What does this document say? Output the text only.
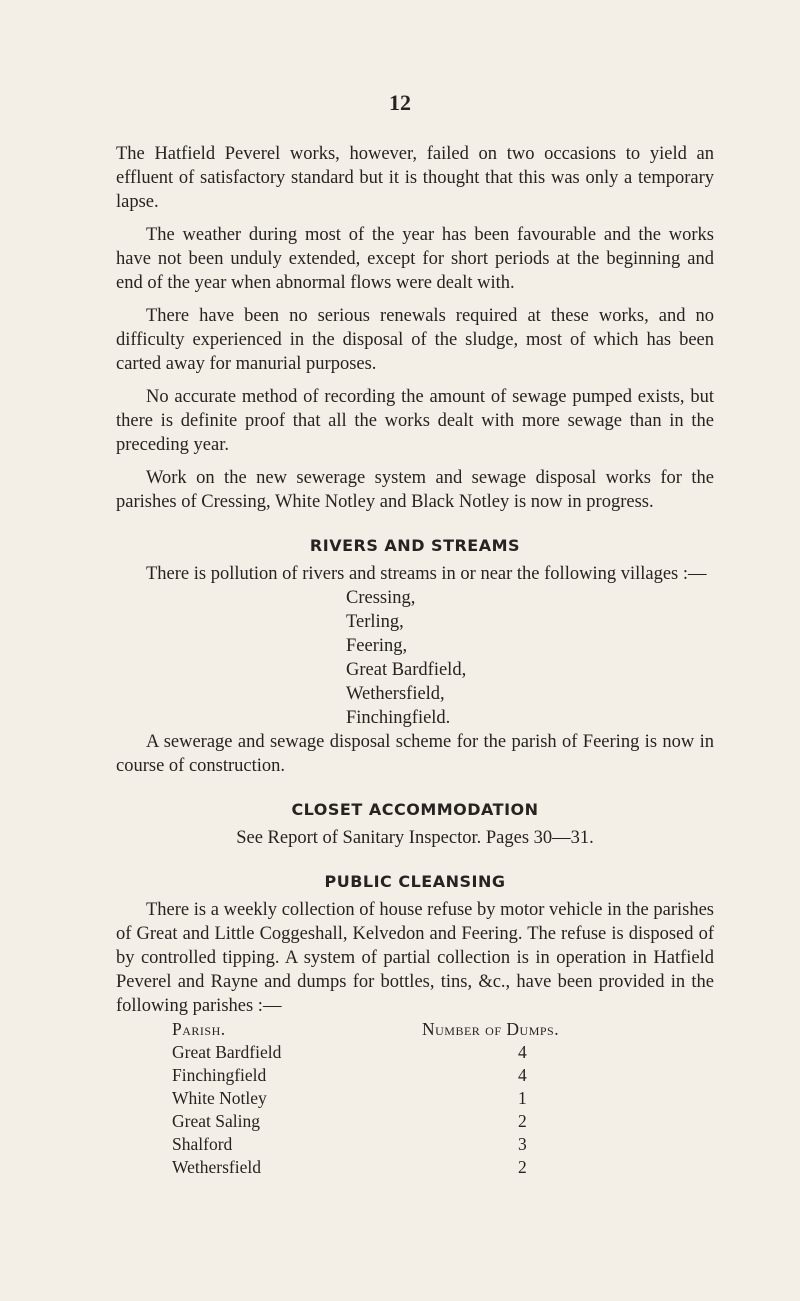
12

The Hatfield Peverel works, however, failed on two occasions to yield an effluent of satisfactory standard but it is thought that this was only a temporary lapse.

The weather during most of the year has been favourable and the works have not been unduly extended, except for short periods at the beginning and end of the year when abnormal flows were dealt with.

There have been no serious renewals required at these works, and no difficulty experienced in the disposal of the sludge, most of which has been carted away for manurial purposes.

No accurate method of recording the amount of sewage pumped exists, but there is definite proof that all the works dealt with more sewage than in the preceding year.

Work on the new sewerage system and sewage disposal works for the parishes of Cressing, White Notley and Black Notley is now in progress.

RIVERS AND STREAMS

There is pollution of rivers and streams in or near the following villages :—

Cressing,
Terling,
Feering,
Great Bardfield,
Wethersfield,
Finchingfield.

A sewerage and sewage disposal scheme for the parish of Feering is now in course of construction.

CLOSET ACCOMMODATION
See Report of Sanitary Inspector. Pages 30—31.
PUBLIC CLEANSING

There is a weekly collection of house refuse by motor vehicle in the parishes of Great and Little Coggeshall, Kelvedon and Feering. The refuse is disposed of by controlled tipping. A system of partial collection is in operation in Hatfield Peverel and Rayne and dumps for bottles, tins, &c., have been provided in the following parishes :—

Parish.	Number of Dumps.
Great Bardfield	4
Finchingfield	4
White Notley	1
Great Saling	2
Shalford	3
Wethersfield	2
